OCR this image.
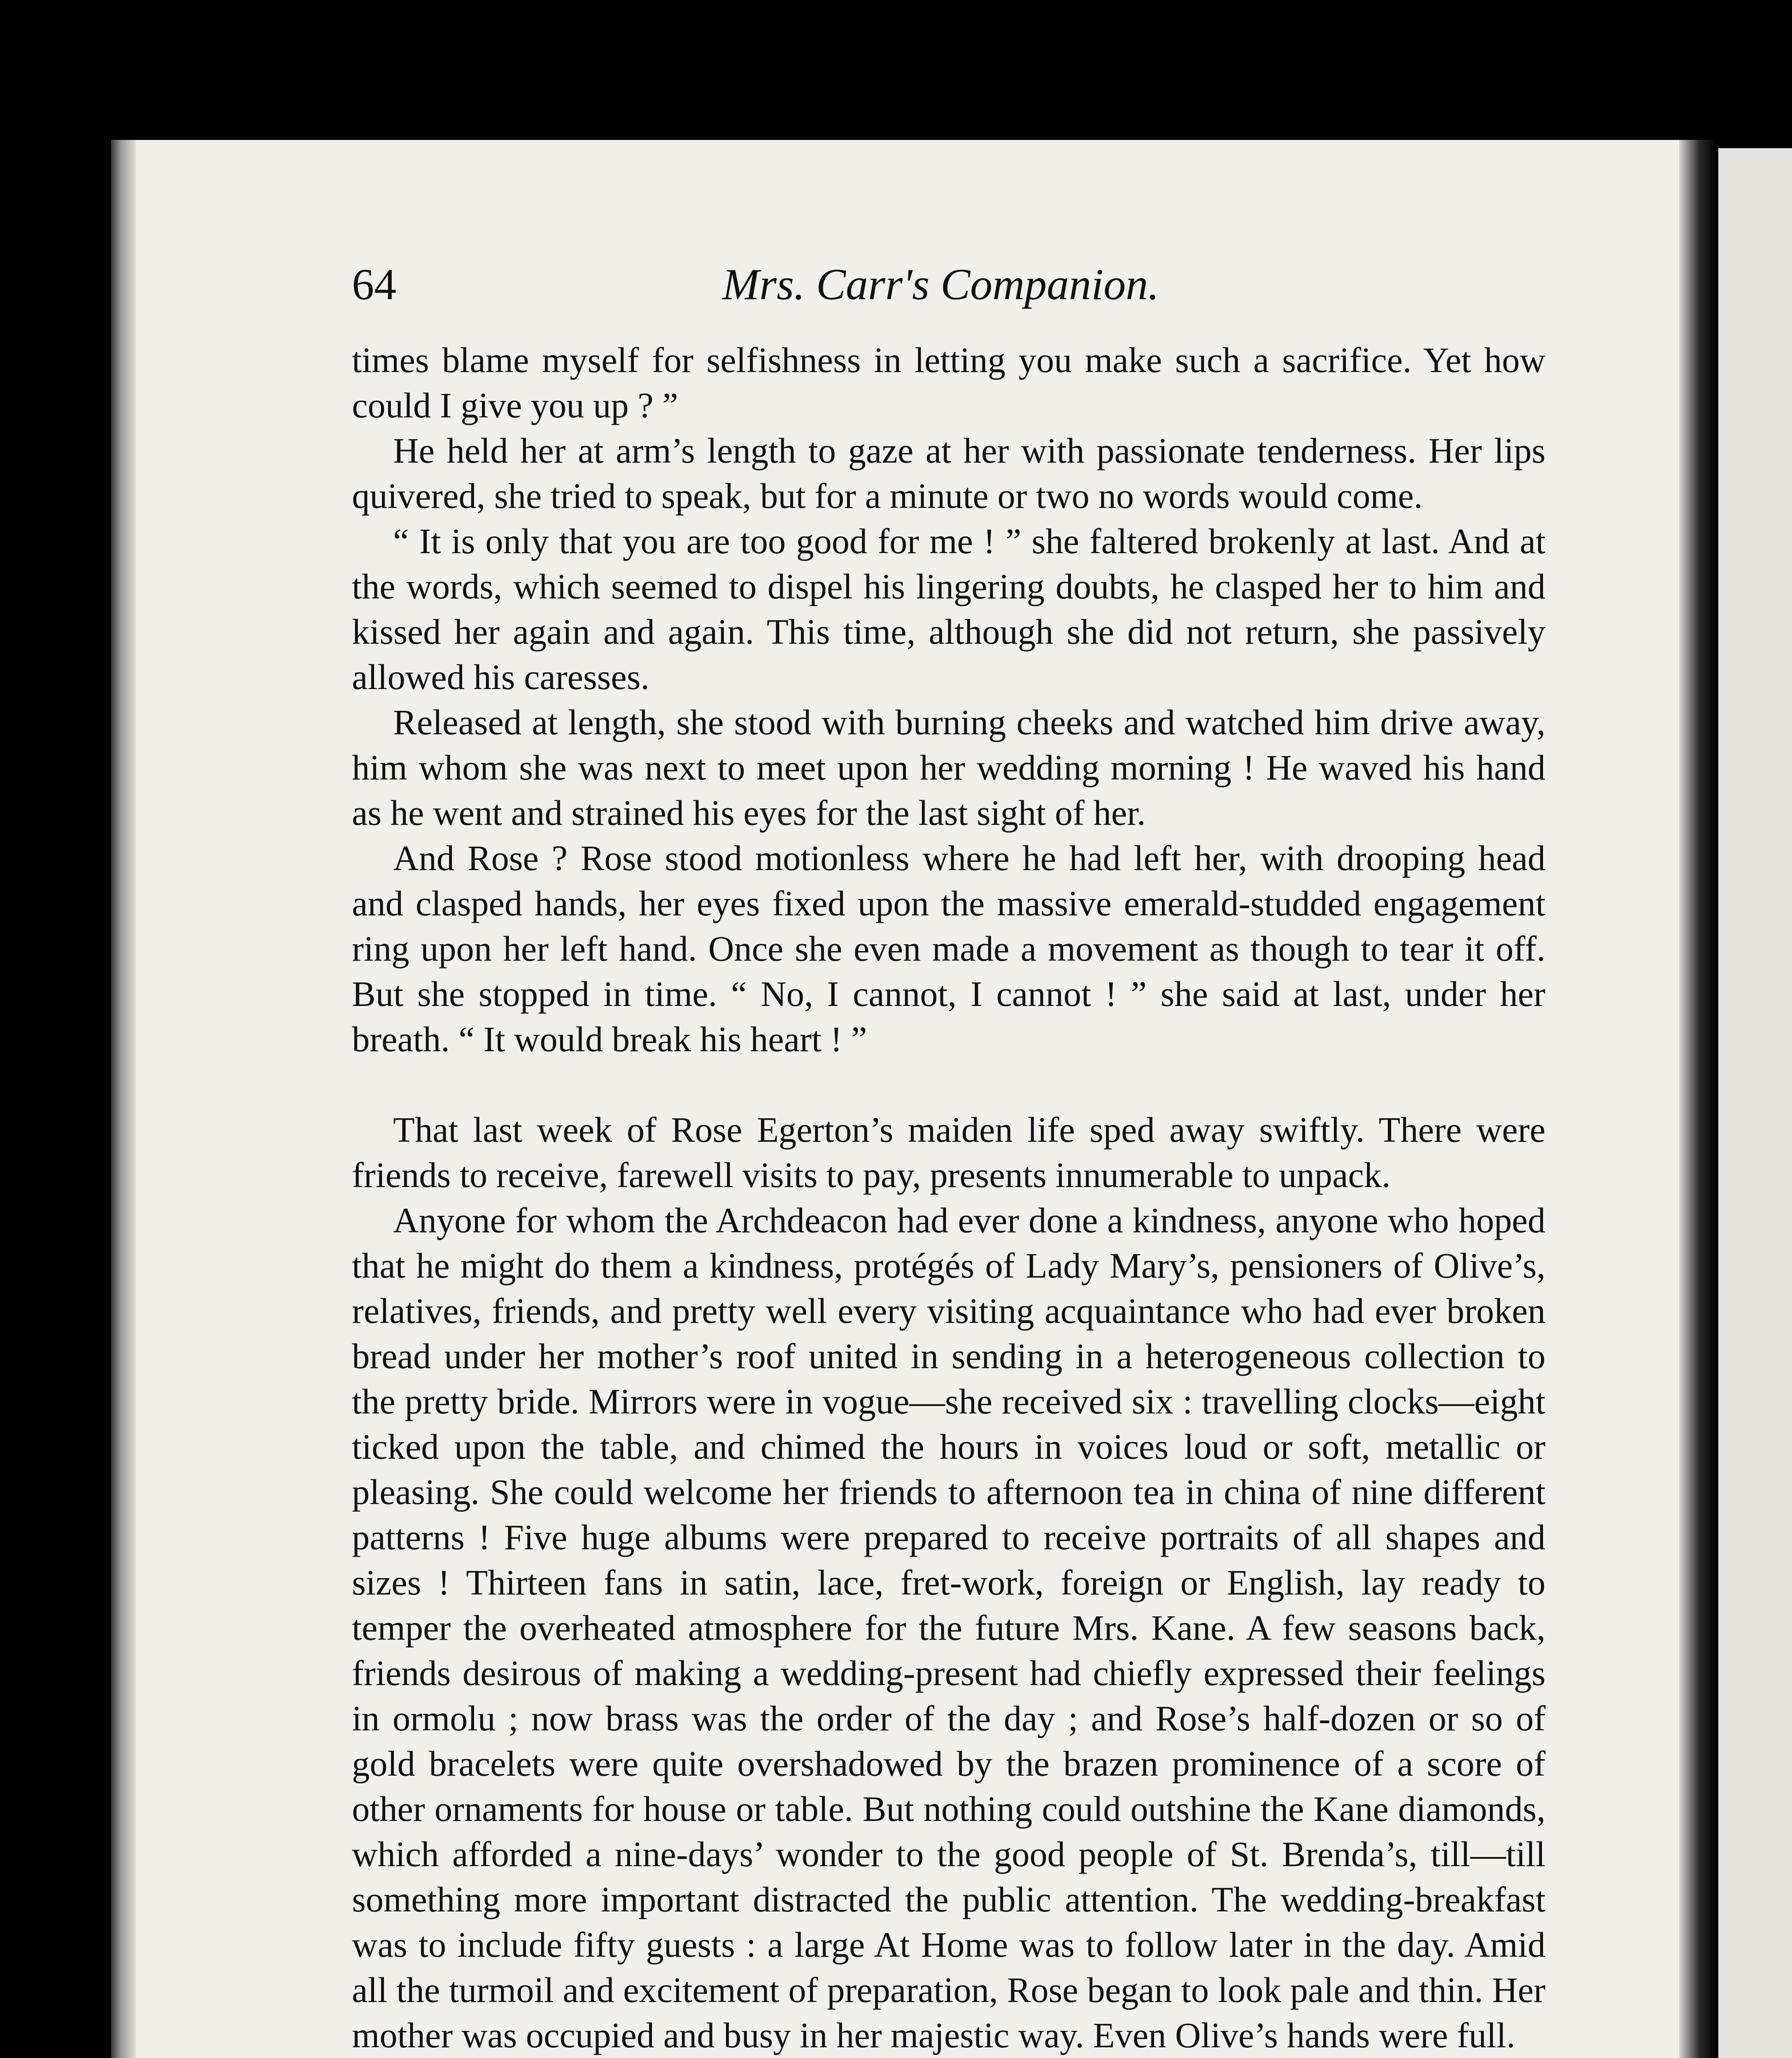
64	Mrs. Carr's Companion.

times blame myself for selfishness in letting you make such a sacrifice. Yet how could I give you up ? ”

He held her at arm’s length to gaze at her with passionate tenderness. Her lips quivered, she tried to speak, but for a minute or two no words would come.

“ It is only that you are too good for me ! ” she faltered brokenly at last. And at the words, which seemed to dispel his lingering doubts, he clasped her to him and kissed her again and again. This time, although she did not return, she passively allowed his caresses.

Released at length, she stood with burning cheeks and watched him drive away, him whom she was next to meet upon her wedding morning ! He waved his hand as he went and strained his eyes for the last sight of her.

And Rose ? Rose stood motionless where he had left her, with drooping head and clasped hands, her eyes fixed upon the massive emerald-studded engagement ring upon her left hand. Once she even made a movement as though to tear it off. But she stopped in time. “ No, I cannot, I cannot ! ” she said at last, under her breath. “ It would break his heart ! ”

That last week of Rose Egerton’s maiden life sped away swiftly. There were friends to receive, farewell visits to pay, presents innumerable to unpack.

Anyone for whom the Archdeacon had ever done a kindness, anyone who hoped that he might do them a kindness, protégés of Lady Mary’s, pensioners of Olive’s, relatives, friends, and pretty well every visiting acquaintance who had ever broken bread under her mother’s roof united in sending in a heterogeneous collection to the pretty bride. Mirrors were in vogue—she received six : travelling clocks—eight ticked upon the table, and chimed the hours in voices loud or soft, metallic or pleasing. She could welcome her friends to afternoon tea in china of nine different patterns ! Five huge albums were prepared to receive portraits of all shapes and sizes ! Thirteen fans in satin, lace, fret-work, foreign or English, lay ready to temper the overheated atmosphere for the future Mrs. Kane. A few seasons back, friends desirous of making a wedding-present had chiefly expressed their feelings in ormolu ; now brass was the order of the day ; and Rose’s half-dozen or so of gold bracelets were quite overshadowed by the brazen prominence of a score of other ornaments for house or table. But nothing could outshine the Kane diamonds, which afforded a nine-days’ wonder to the good people of St. Brenda’s, till—till something more important distracted the public attention. The wedding-breakfast was to include fifty guests : a large At Home was to follow later in the day. Amid all the turmoil and excitement of preparation, Rose began to look pale and thin. Her mother was occupied and busy in her majestic way. Even Olive’s hands were full.
